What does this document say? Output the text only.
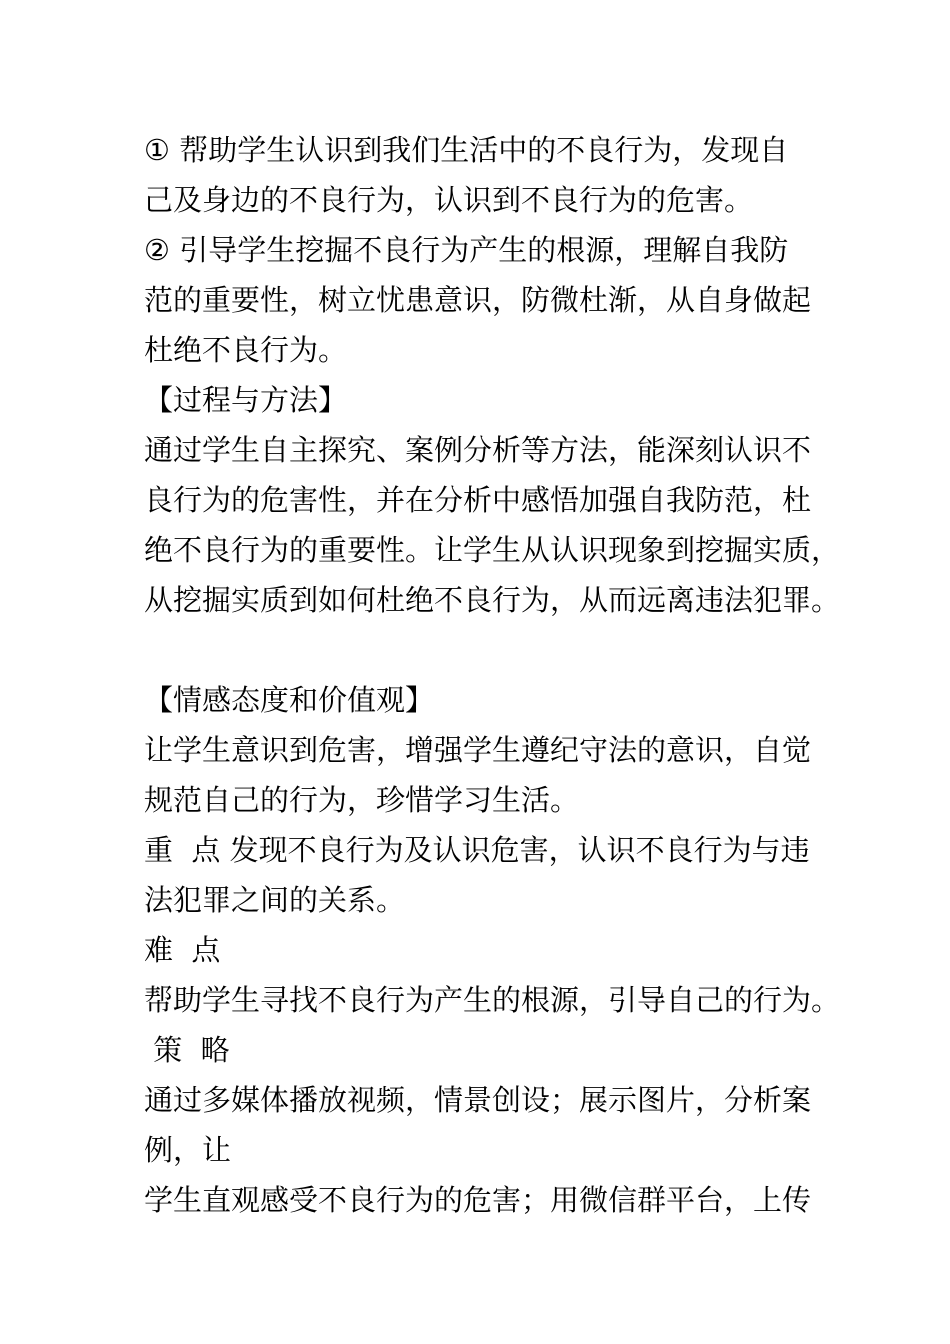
① 帮助学生认识到我们生活中的不良行为，发现自
己及身边的不良行为，认识到不良行为的危害。
② 引导学生挖掘不良行为产生的根源，理解自我防
范的重要性，树立忧患意识，防微杜渐，从自身做起
杜绝不良行为。
【过程与方法】
通过学生自主探究、案例分析等方法，能深刻认识不
良行为的危害性，并在分析中感悟加强自我防范，杜
绝不良行为的重要性。让学生从认识现象到挖掘实质，
从挖掘实质到如何杜绝不良行为，从而远离违法犯罪。
【情感态度和价值观】
让学生意识到危害，增强学生遵纪守法的意识，自觉
规范自己的行为，珍惜学习生活。
重  点 发现不良行为及认识危害，认识不良行为与违
法犯罪之间的关系。
难  点
帮助学生寻找不良行为产生的根源，引导自己的行为。
策  略
通过多媒体播放视频，情景创设；展示图片，分析案
例，让
学生直观感受不良行为的危害；用微信群平台，上传
